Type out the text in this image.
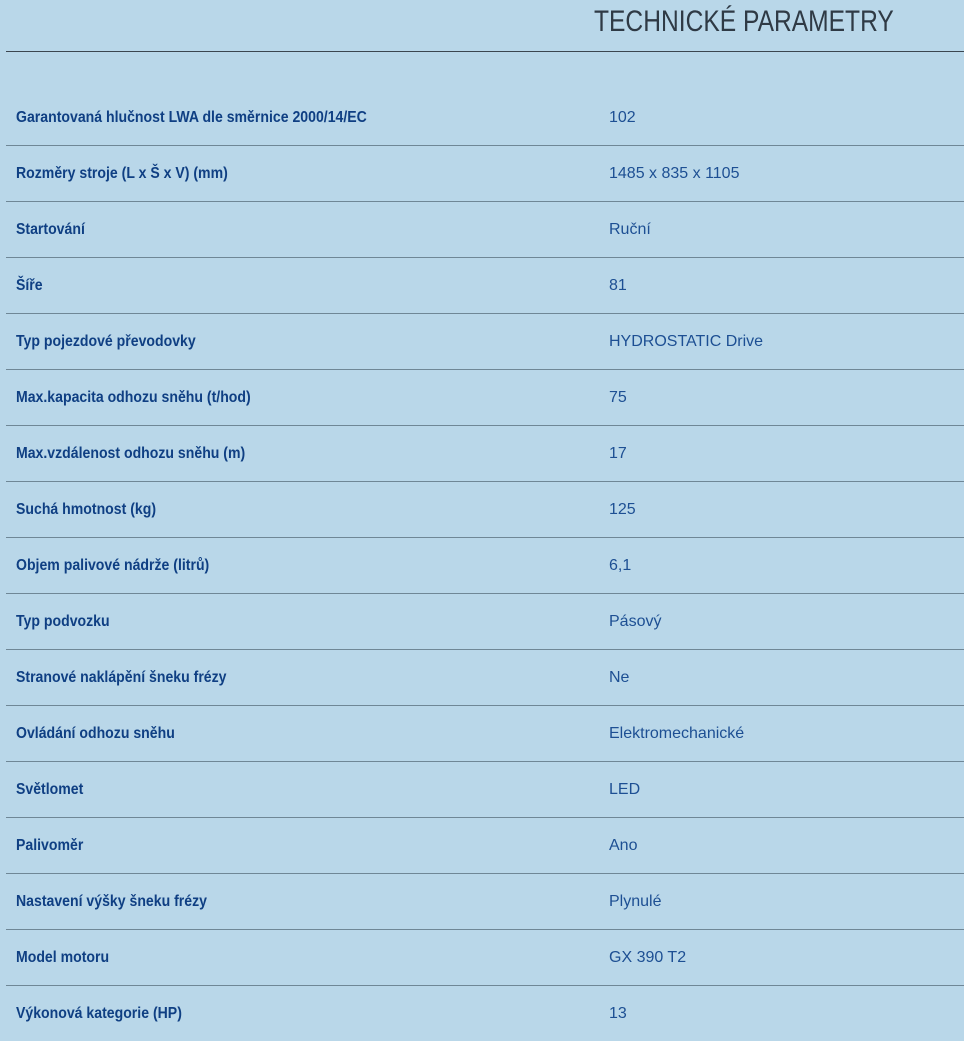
TECHNICKÉ PARAMETRY
Garantovaná hlučnost LWA dle směrnice 2000/14/EC	102
Rozměry stroje (L x Š x V) (mm)	1485 x 835 x 1105
Startování	Ruční
Šíře	81
Typ pojezdové převodovky	HYDROSTATIC Drive
Max.kapacita odhozu sněhu (t/hod)	75
Max.vzdálenost odhozu sněhu (m)	17
Suchá hmotnost (kg)	125
Objem palivové nádrže (litrů)	6,1
Typ podvozku	Pásový
Stranové naklápění šneku frézy	Ne
Ovládání odhozu sněhu	Elektromechanické
Světlomet	LED
Palivoměr	Ano
Nastavení výšky šneku frézy	Plynulé
Model motoru	GX 390 T2
Výkonová kategorie (HP)	13
